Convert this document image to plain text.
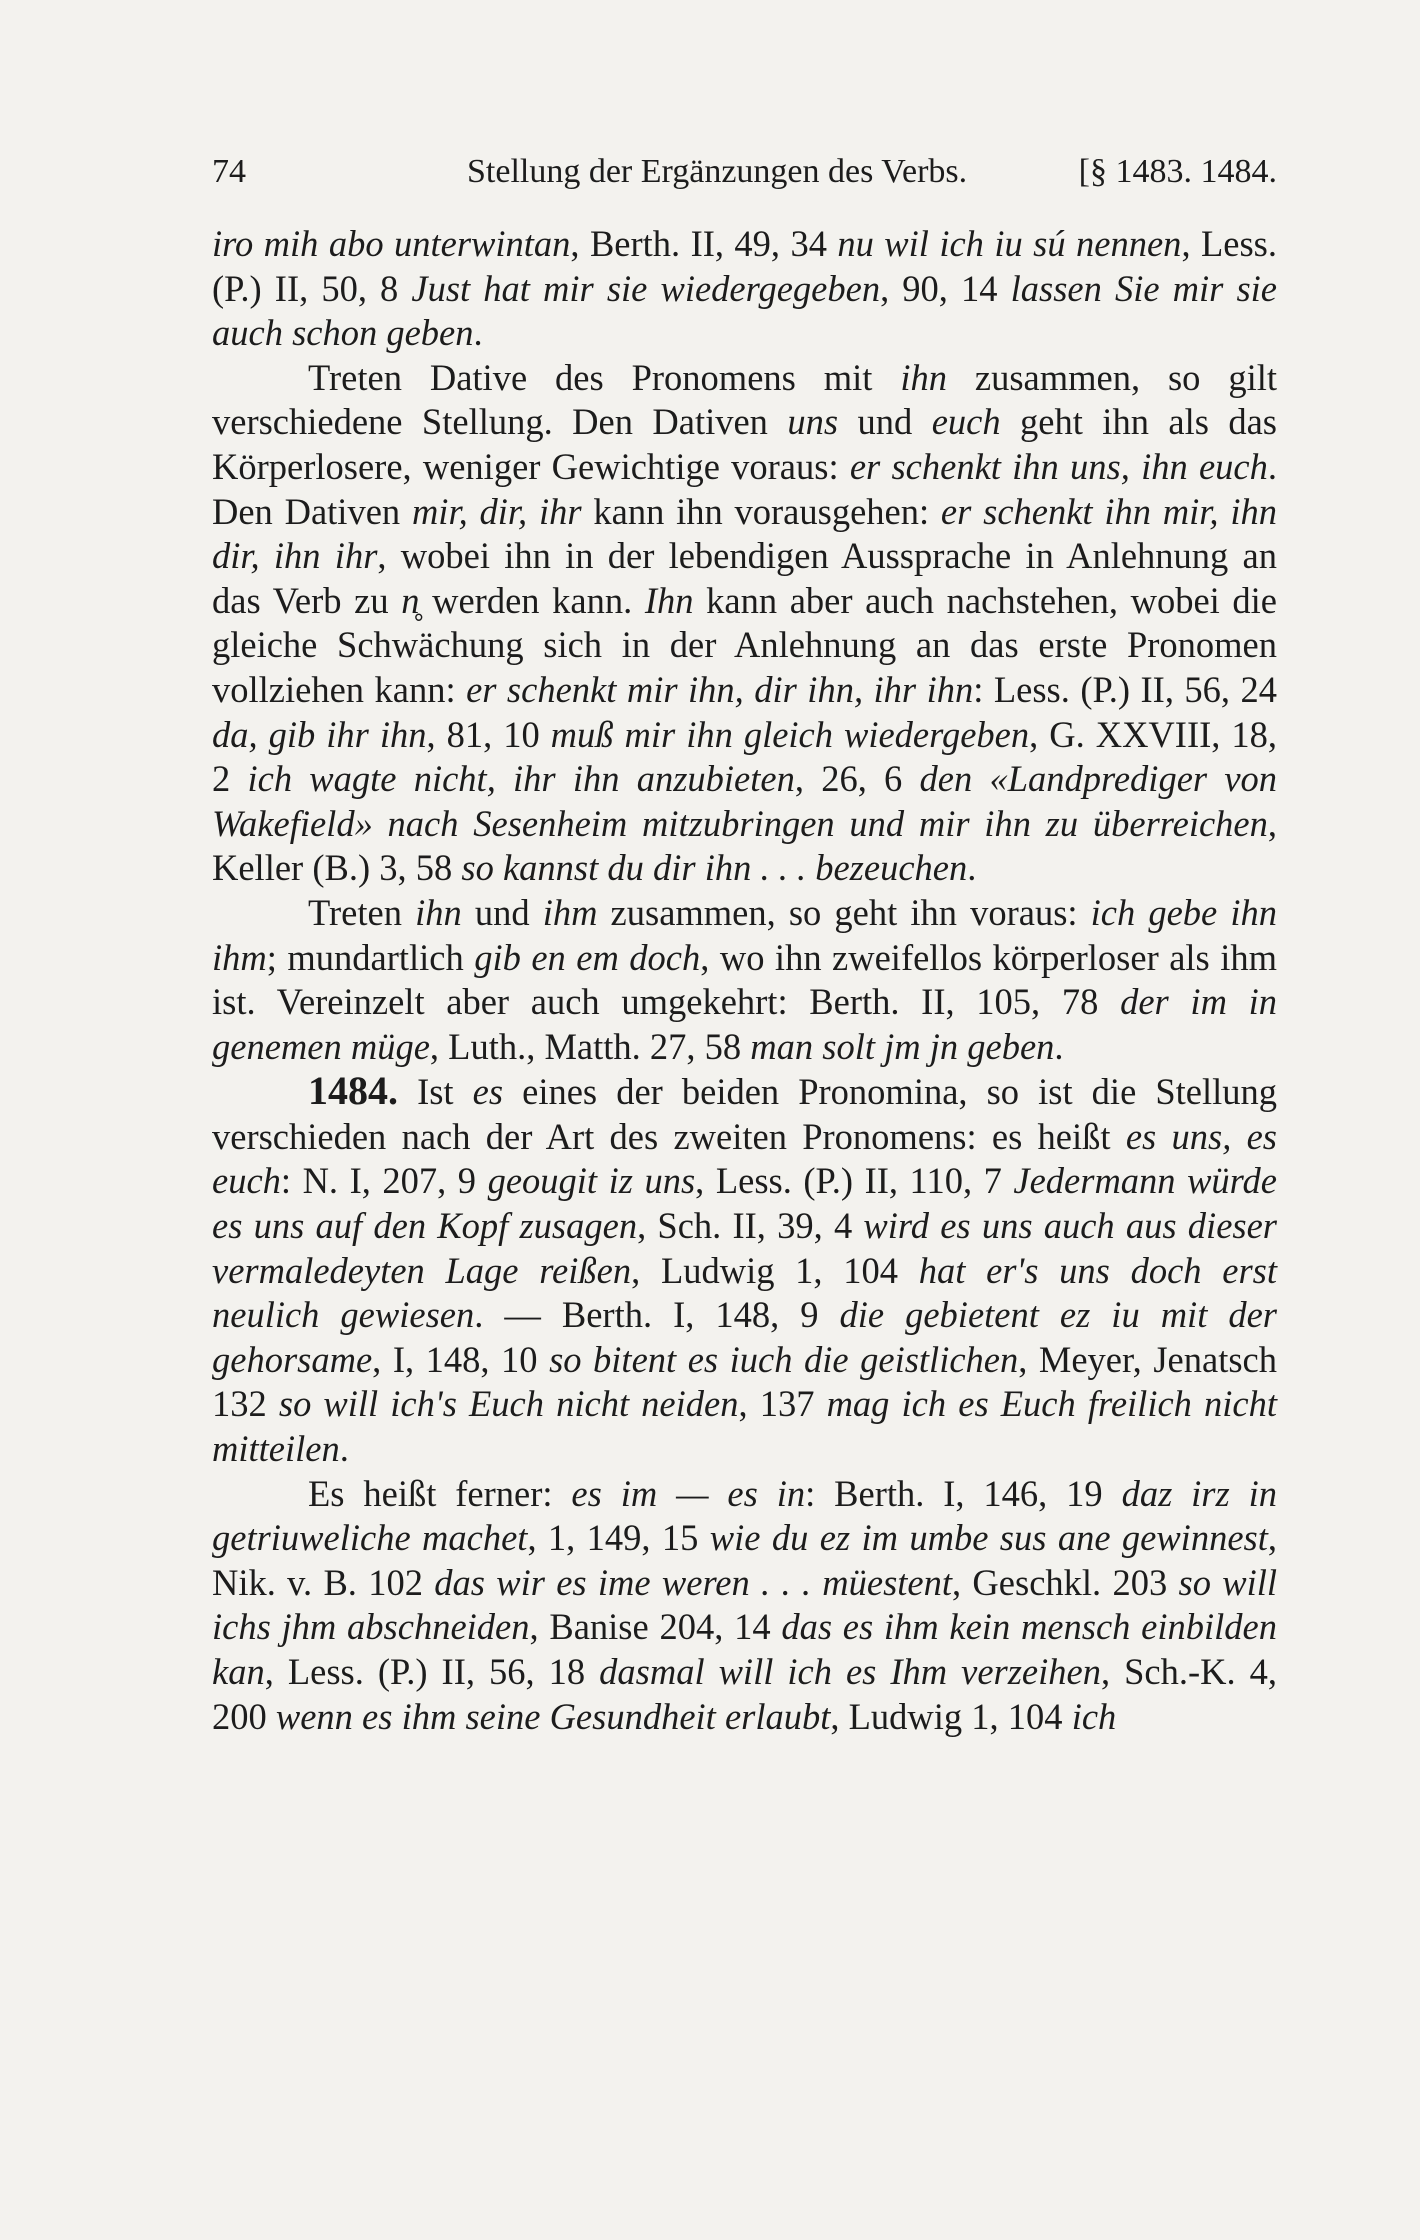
74	Stellung der Ergänzungen des Verbs.	[§ 1483. 1484.

iro mih abo unterwintan, Berth. II, 49, 34 nu wil ich iu sú nennen, Less. (P.) II, 50, 8 Just hat mir sie wiedergegeben, 90, 14 lassen Sie mir sie auch schon geben.

Treten Dative des Pronomens mit ihn zusammen, so gilt verschiedene Stellung. Den Dativen uns und euch geht ihn als das Körperlosere, weniger Gewichtige voraus: er schenkt ihn uns, ihn euch. Den Dativen mir, dir, ihr kann ihn vorausgehen: er schenkt ihn mir, ihn dir, ihn ihr, wobei ihn in der lebendigen Aussprache in Anlehnung an das Verb zu n̥ werden kann. Ihn kann aber auch nachstehen, wobei die gleiche Schwächung sich in der Anlehnung an das erste Pronomen vollziehen kann: er schenkt mir ihn, dir ihn, ihr ihn: Less. (P.) II, 56, 24 da, gib ihr ihn, 81, 10 muß mir ihn gleich wiedergeben, G. XXVIII, 18, 2 ich wagte nicht, ihr ihn anzubieten, 26, 6 den «Landprediger von Wakefield» nach Sesenheim mitzubringen und mir ihn zu überreichen, Keller (B.) 3, 58 so kannst du dir ihn . . . bezeuchen.

Treten ihn und ihm zusammen, so geht ihn voraus: ich gebe ihn ihm; mundartlich gib en em doch, wo ihn zweifellos körperloser als ihm ist. Vereinzelt aber auch umgekehrt: Berth. II, 105, 78 der im in genemen müge, Luth., Matth. 27, 58 man solt jm jn geben.

1484. Ist es eines der beiden Pronomina, so ist die Stellung verschieden nach der Art des zweiten Pronomens: es heißt es uns, es euch: N. I, 207, 9 geougit iz uns, Less. (P.) II, 110, 7 Jedermann würde es uns auf den Kopf zusagen, Sch. II, 39, 4 wird es uns auch aus dieser vermaledeyten Lage reißen, Ludwig 1, 104 hat er's uns doch erst neulich gewiesen. — Berth. I, 148, 9 die gebietent ez iu mit der gehorsame, I, 148, 10 so bitent es iuch die geistlichen, Meyer, Jenatsch 132 so will ich's Euch nicht neiden, 137 mag ich es Euch freilich nicht mitteilen.

Es heißt ferner: es im — es in: Berth. I, 146, 19 daz irz in getriuweliche machet, 1, 149, 15 wie du ez im umbe sus ane gewinnest, Nik. v. B. 102 das wir es ime weren . . . müestent, Geschkl. 203 so will ichs jhm abschneiden, Banise 204, 14 das es ihm kein mensch einbilden kan, Less. (P.) II, 56, 18 dasmal will ich es Ihm verzeihen, Sch.-K. 4, 200 wenn es ihm seine Gesundheit erlaubt, Ludwig 1, 104 ich
